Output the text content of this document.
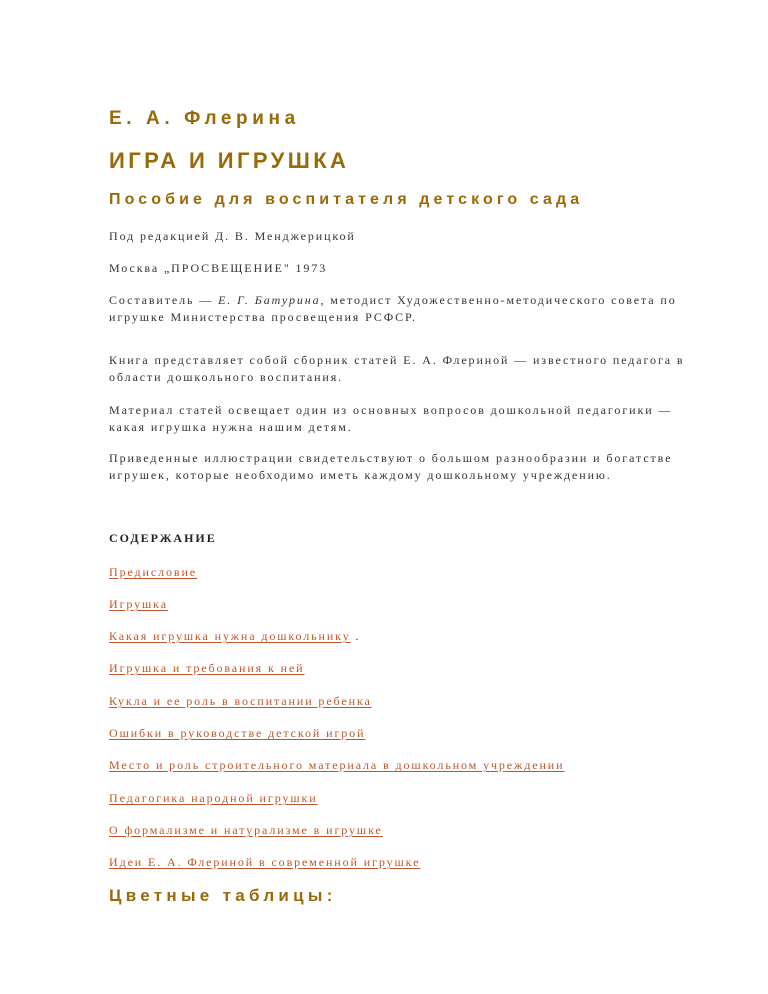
Е. А. Флерина
ИГРА И ИГРУШКА
Пособие для воспитателя детского сада
Под редакцией Д. В. Менджерицкой
Москва „ПРОСВЕЩЕНИЕ" 1973
Составитель — Е. Г. Батурина, методист Художественно-методического совета по игрушке Министерства просвещения РСФСР.
Книга представляет собой сборник статей Е. А. Флериной — известного педагога в области дошкольного воспитания.
Материал статей освещает один из основных вопросов дошкольной педагогики — какая игрушка нужна нашим детям.
Приведенные иллюстрации свидетельствуют о большом разнообразии и богатстве игрушек, которые необходимо иметь каждому дошкольному учреждению.
СОДЕРЖАНИЕ
Предисловие
Игрушка
Какая игрушка нужна дошкольнику .
Игрушка и требования к ней
Кукла и ее роль в воспитании ребенка
Ошибки в руководстве детской игрой
Место и роль строительного материала в дошкольном учреждении
Педагогика народной игрушки
О формализме и натурализме в игрушке
Идеи Е. А. Флериной в современной игрушке
Цветные таблицы:
